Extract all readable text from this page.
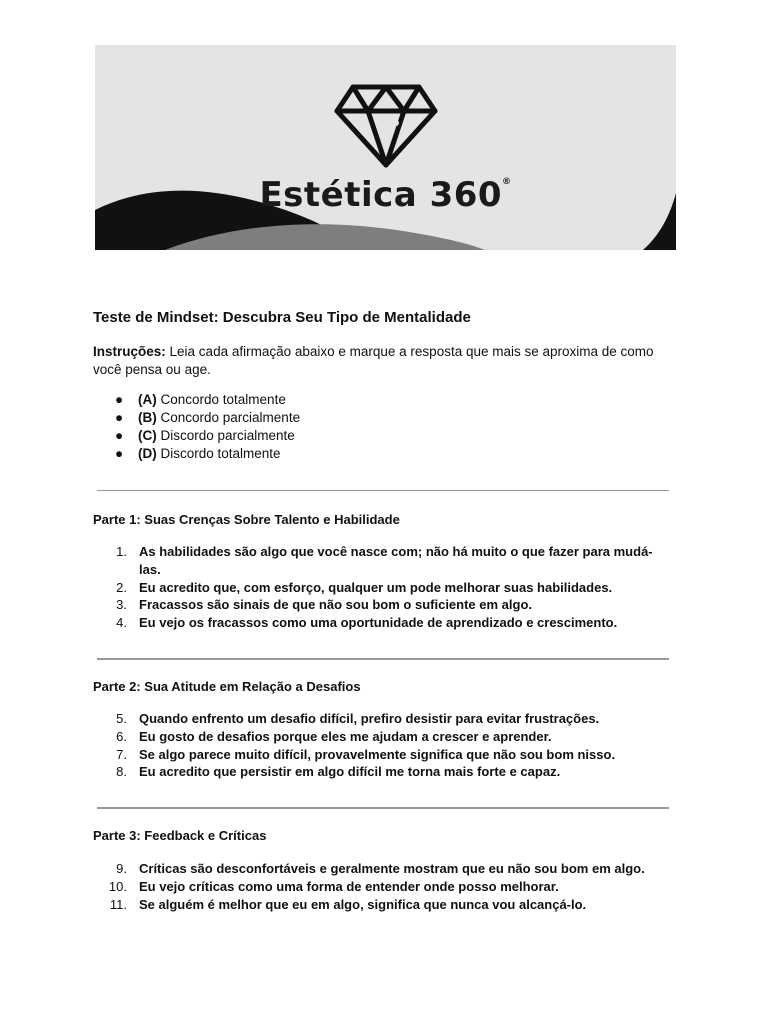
Estética 360®
Teste de Mindset: Descubra Seu Tipo de Mentalidade
Instruções: Leia cada afirmação abaixo e marque a resposta que mais se aproxima de como você pensa ou age.
● (A) Concordo totalmente
● (B) Concordo parcialmente
● (C) Discordo parcialmente
● (D) Discordo totalmente
Parte 1: Suas Crenças Sobre Talento e Habilidade
1. As habilidades são algo que você nasce com; não há muito o que fazer para mudá-las.
2. Eu acredito que, com esforço, qualquer um pode melhorar suas habilidades.
3. Fracassos são sinais de que não sou bom o suficiente em algo.
4. Eu vejo os fracassos como uma oportunidade de aprendizado e crescimento.
Parte 2: Sua Atitude em Relação a Desafios
5. Quando enfrento um desafio difícil, prefiro desistir para evitar frustrações.
6. Eu gosto de desafios porque eles me ajudam a crescer e aprender.
7. Se algo parece muito difícil, provavelmente significa que não sou bom nisso.
8. Eu acredito que persistir em algo difícil me torna mais forte e capaz.
Parte 3: Feedback e Críticas
9. Críticas são desconfortáveis e geralmente mostram que eu não sou bom em algo.
10. Eu vejo críticas como uma forma de entender onde posso melhorar.
11. Se alguém é melhor que eu em algo, significa que nunca vou alcançá-lo.
